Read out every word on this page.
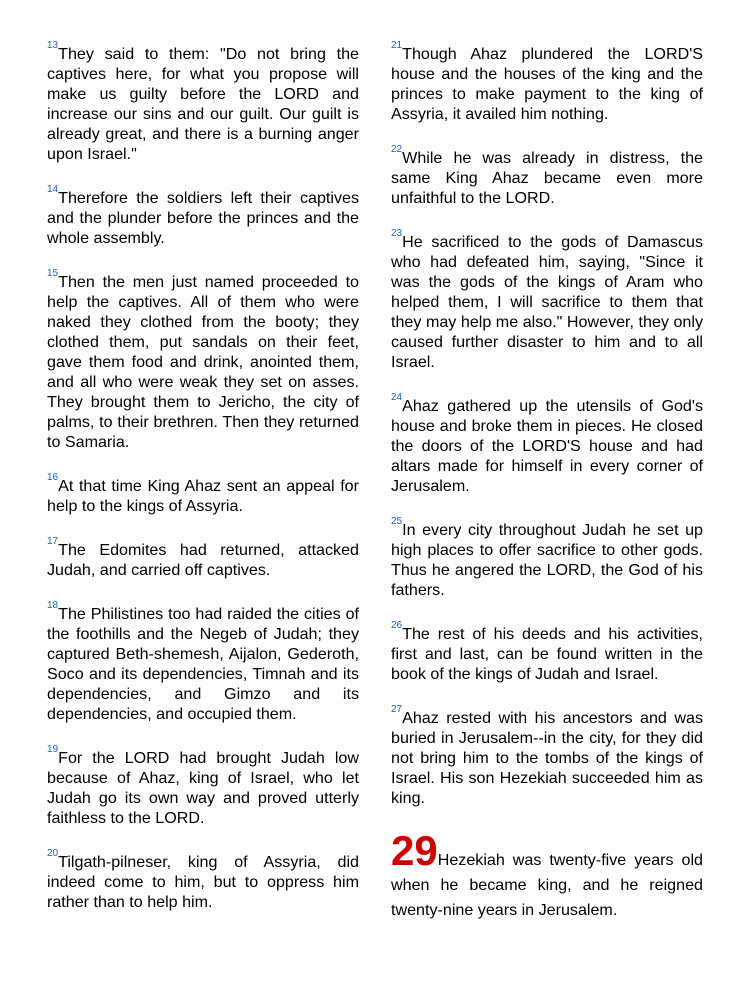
$^{13}$They said to them: "Do not bring the captives here, for what you propose will make us guilty before the LORD and increase our sins and our guilt. Our guilt is already great, and there is a burning anger upon Israel."

$^{14}$Therefore the soldiers left their captives and the plunder before the princes and the whole assembly.

$^{15}$Then the men just named proceeded to help the captives. All of them who were naked they clothed from the booty; they clothed them, put sandals on their feet, gave them food and drink, anointed them, and all who were weak they set on asses. They brought them to Jericho, the city of palms, to their brethren. Then they returned to Samaria.

$^{16}$At that time King Ahaz sent an appeal for help to the kings of Assyria.

$^{17}$The Edomites had returned, attacked Judah, and carried off captives.

$^{18}$The Philistines too had raided the cities of the foothills and the Negeb of Judah; they captured Beth-shemesh, Aijalon, Gederoth, Soco and its dependencies, Timnah and its dependencies, and Gimzo and its dependencies, and occupied them.

$^{19}$For the LORD had brought Judah low because of Ahaz, king of Israel, who let Judah go its own way and proved utterly faithless to the LORD.

$^{20}$Tilgath-pilneser, king of Assyria, did indeed come to him, but to oppress him rather than to help him.

$^{21}$Though Ahaz plundered the LORD'S house and the houses of the king and the princes to make payment to the king of Assyria, it availed him nothing.

$^{22}$While he was already in distress, the same King Ahaz became even more unfaithful to the LORD.

$^{23}$He sacrificed to the gods of Damascus who had defeated him, saying, "Since it was the gods of the kings of Aram who helped them, I will sacrifice to them that they may help me also." However, they only caused further disaster to him and to all Israel.

$^{24}$Ahaz gathered up the utensils of God's house and broke them in pieces. He closed the doors of the LORD'S house and had altars made for himself in every corner of Jerusalem.

$^{25}$In every city throughout Judah he set up high places to offer sacrifice to other gods. Thus he angered the LORD, the God of his fathers.

$^{26}$The rest of his deeds and his activities, first and last, can be found written in the book of the kings of Judah and Israel.

$^{27}$Ahaz rested with his ancestors and was buried in Jerusalem--in the city, for they did not bring him to the tombs of the kings of Israel. His son Hezekiah succeeded him as king.

29Hezekiah was twenty-five years old when he became king, and he reigned twenty-nine years in Jerusalem.
